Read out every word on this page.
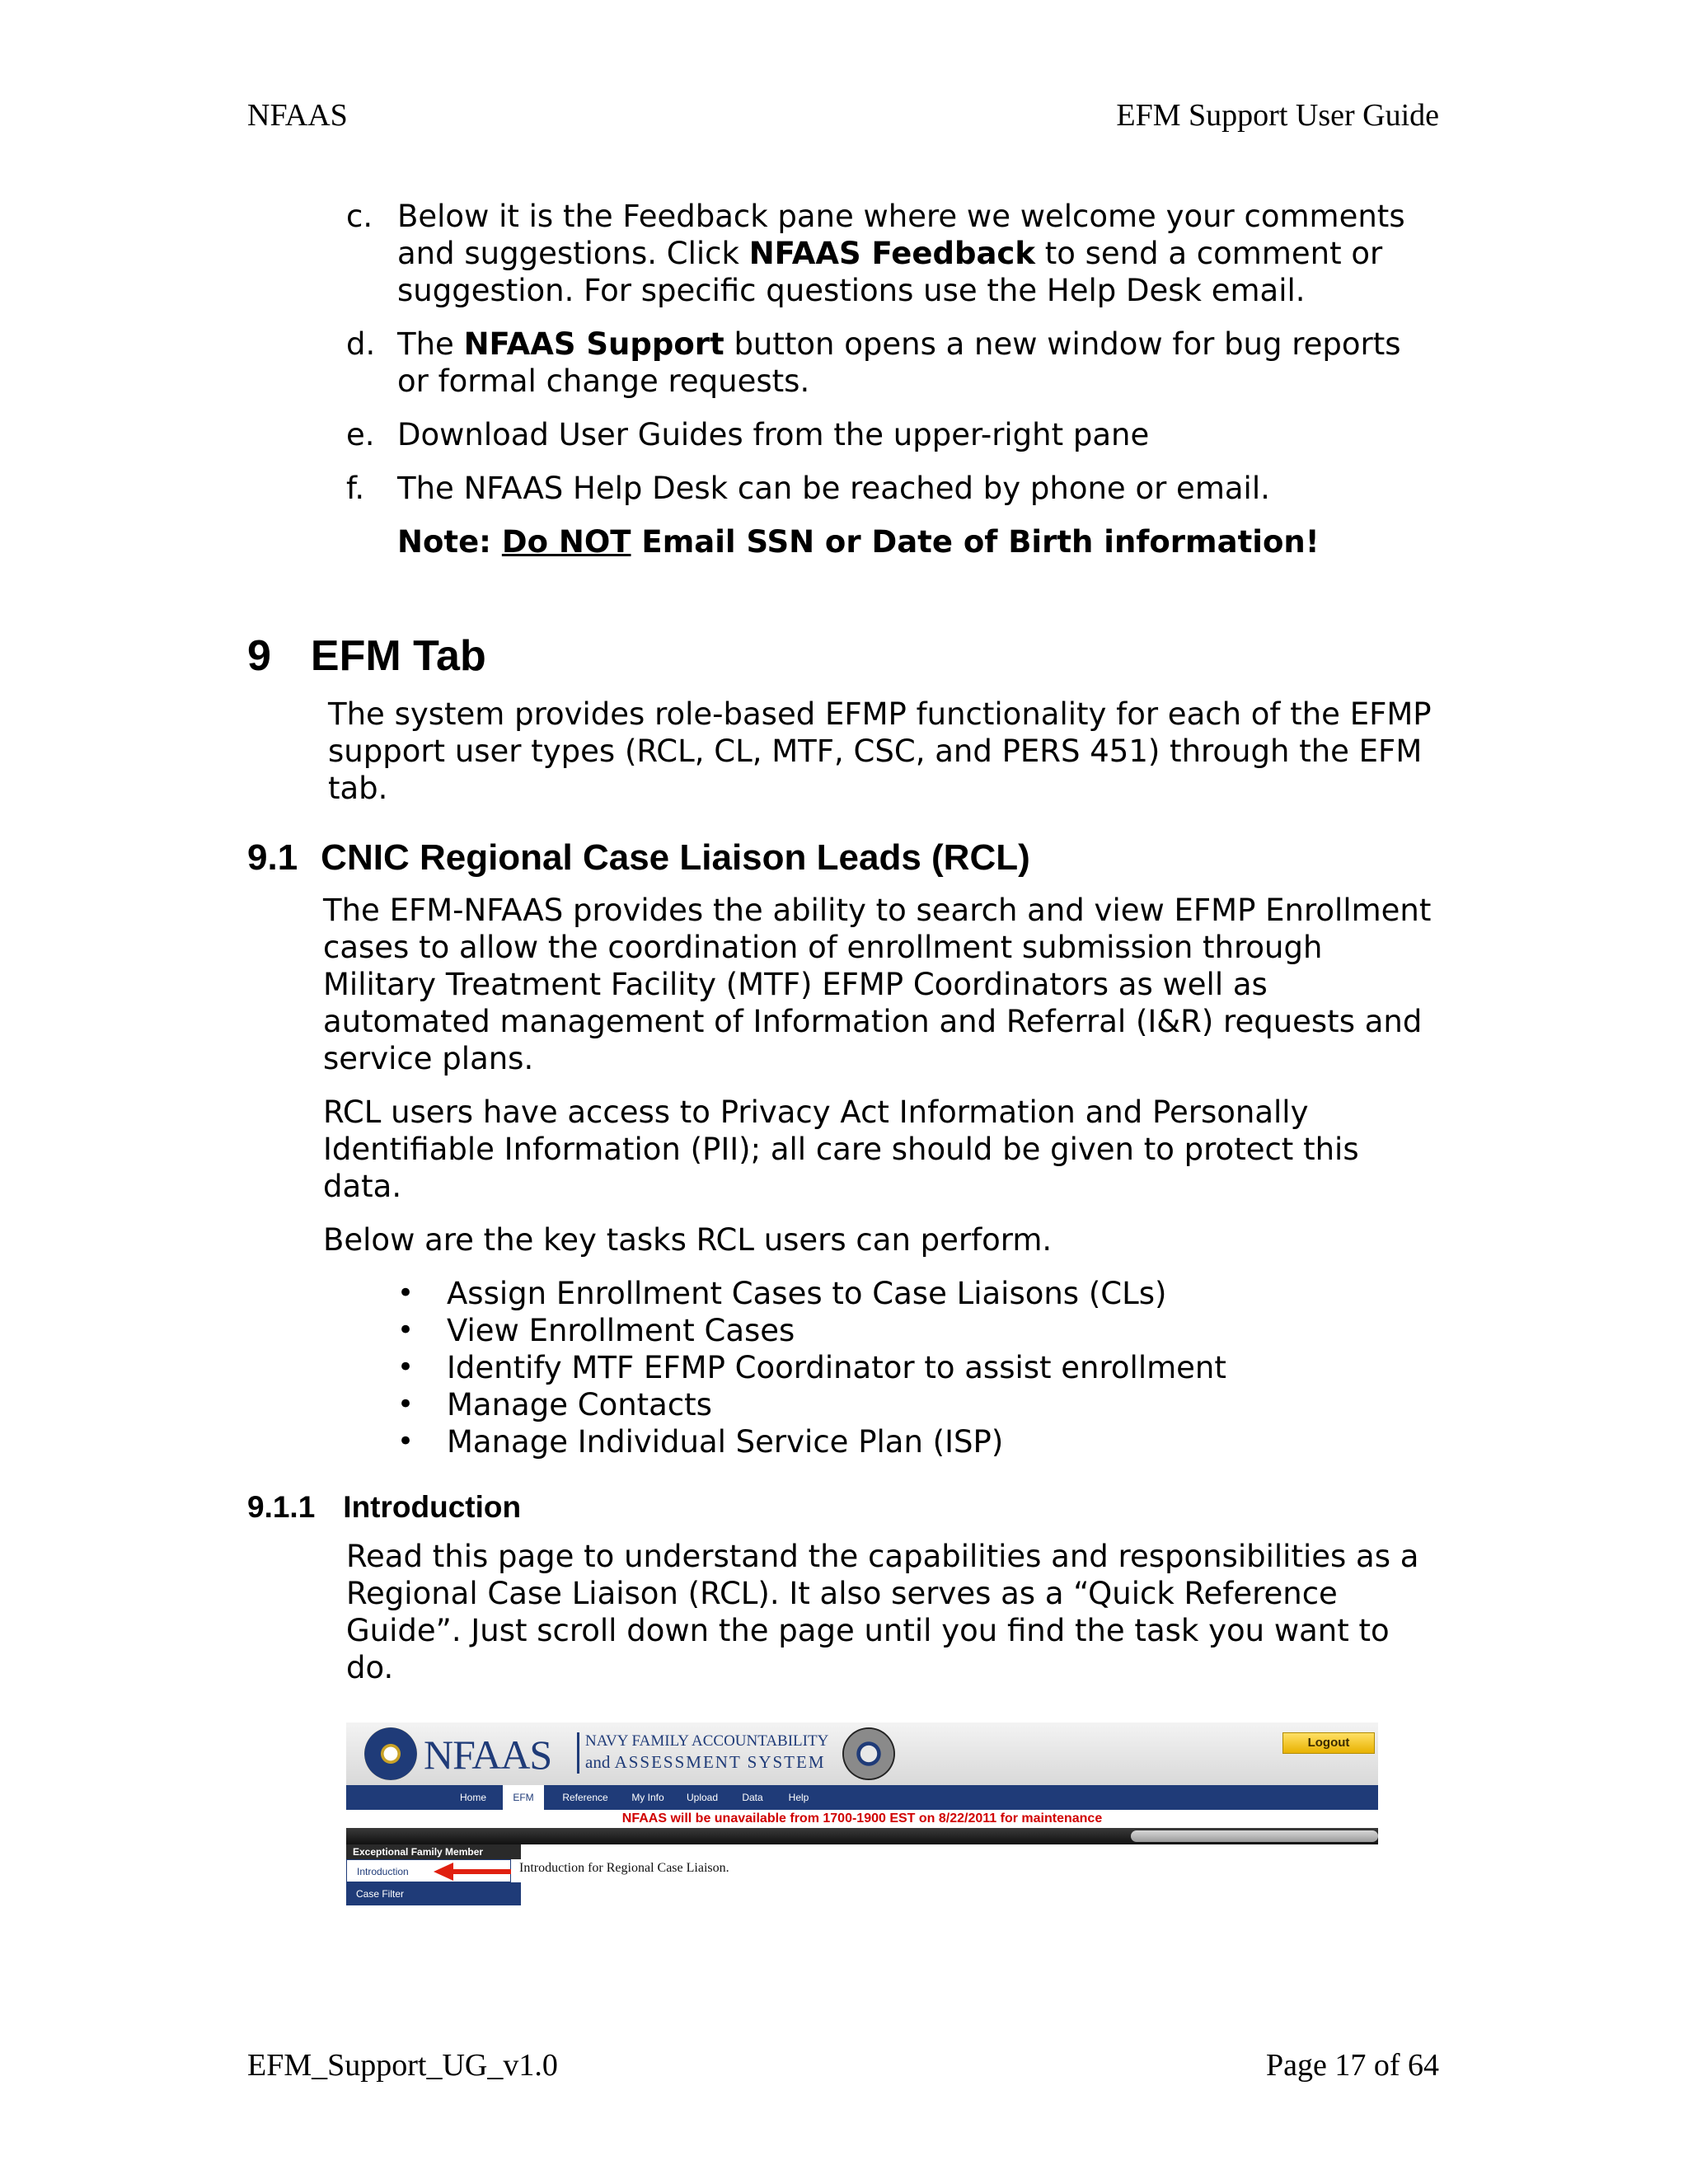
NFAAS	EFM Support User Guide
c. Below it is the Feedback pane where we welcome your comments
and suggestions. Click NFAAS Feedback to send a comment or
suggestion. For specific questions use the Help Desk email.
d. The NFAAS Support button opens a new window for bug reports
or formal change requests.
e. Download User Guides from the upper-right pane
f. The NFAAS Help Desk can be reached by phone or email.
Note: Do NOT Email SSN or Date of Birth information!
9 EFM Tab
The system provides role-based EFMP functionality for each of the EFMP
support user types (RCL, CL, MTF, CSC, and PERS 451) through the EFM
tab.
9.1 CNIC Regional Case Liaison Leads (RCL)
The EFM-NFAAS provides the ability to search and view EFMP Enrollment
cases to allow the coordination of enrollment submission through
Military Treatment Facility (MTF) EFMP Coordinators as well as
automated management of Information and Referral (I&R) requests and
service plans.
RCL users have access to Privacy Act Information and Personally
Identifiable Information (PII); all care should be given to protect this
data.
Below are the key tasks RCL users can perform.
• Assign Enrollment Cases to Case Liaisons (CLs)
• View Enrollment Cases
• Identify MTF EFMP Coordinator to assist enrollment
• Manage Contacts
• Manage Individual Service Plan (ISP)
9.1.1 Introduction
Read this page to understand the capabilities and responsibilities as a
Regional Case Liaison (RCL). It also serves as a “Quick Reference
Guide”. Just scroll down the page until you find the task you want to
do.
NFAAS NAVY FAMILY ACCOUNTABILITY
and ASSESSMENT SYSTEM
Logout
Home	EFM	Reference	My Info	Upload	Data	Help
NFAAS will be unavailable from 1700-1900 EST on 8/22/2011 for maintenance
Exceptional Family Member
Introduction
Case Filter
Introduction for Regional Case Liaison.
EFM_Support_UG_v1.0	Page 17 of 64
